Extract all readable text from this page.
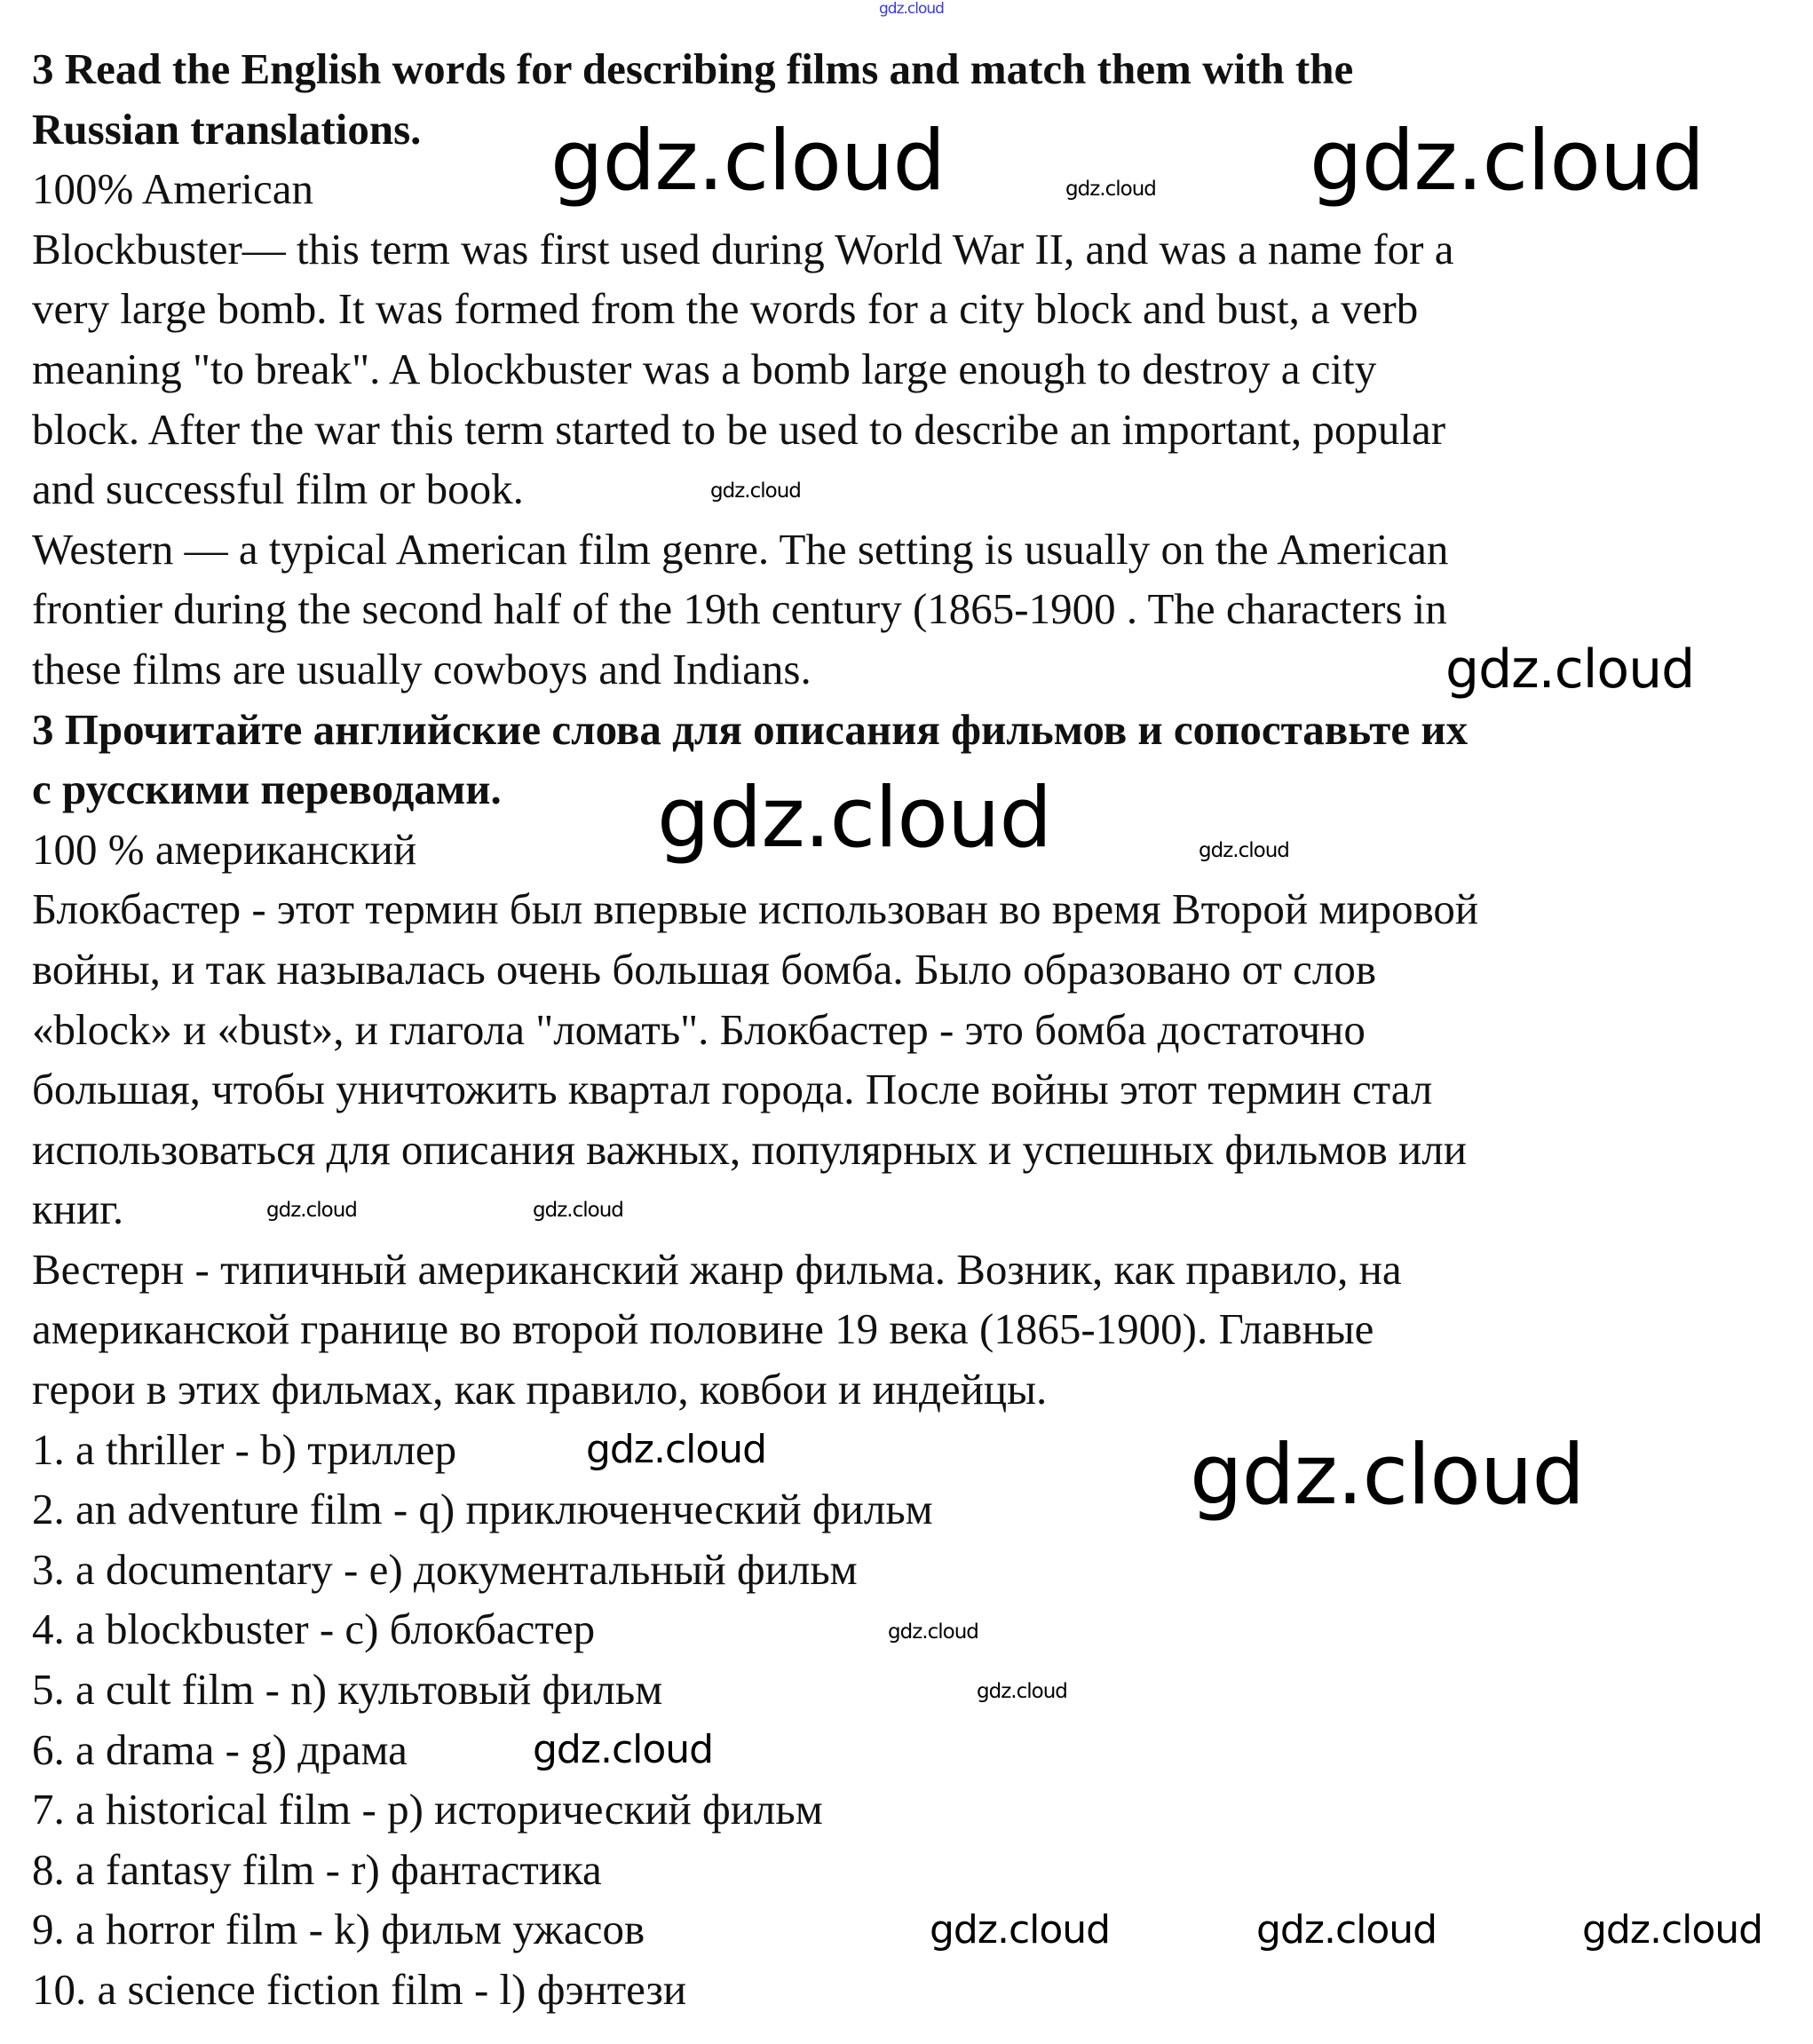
3 Read the English words for describing films and match them with the
Russian translations.
100% American
Blockbuster— this term was first used during World War II, and was a name for a
very large bomb. It was formed from the words for a city block and bust, a verb
meaning "to break". A blockbuster was a bomb large enough to destroy a city
block. After the war this term started to be used to describe an important, popular
and successful film or book.
Western — a typical American film genre. The setting is usually on the American
frontier during the second half of the 19th century (1865-1900 . The characters in
these films are usually cowboys and Indians.
3 Прочитайте английские слова для описания фильмов и сопоставьте их
с русскими переводами.
100 % американский
Блокбастер - этот термин был впервые использован во время Второй мировой
войны, и так называлась очень большая бомба. Было образовано от слов
«block» и «bust», и глагола "ломать". Блокбастер - это бомба достаточно
большая, чтобы уничтожить квартал города. После войны этот термин стал
использоваться для описания важных, популярных и успешных фильмов или
книг.
Вестерн - типичный американский жанр фильма. Возник, как правило, на
американской границе во второй половине 19 века (1865-1900). Главные
герои в этих фильмах, как правило, ковбои и индейцы.
1. a thriller - b) триллер
2. an adventure film - q) приключенческий фильм
3. a documentary - e) документальный фильм
4. a blockbuster - c) блокбастер
5. a cult film - n) культовый фильм
6. a drama - g) драма
7. a historical film - p) исторический фильм
8. a fantasy film - r) фантастика
9. a horror film - k) фильм ужасов
10. a science fiction film - l) фэнтези
gdz.cloud
gdz.cloud	gdz.cloud
gdz.cloud
gdz.cloud
gdz.cloud
gdz.cloud
gdz.cloud
gdz.cloud	gdz.cloud	gdz.cloud
gdz.cloud
gdz.cloud
gdz.cloud
gdz.cloud	gdz.cloud
gdz.cloud
gdz.cloud
